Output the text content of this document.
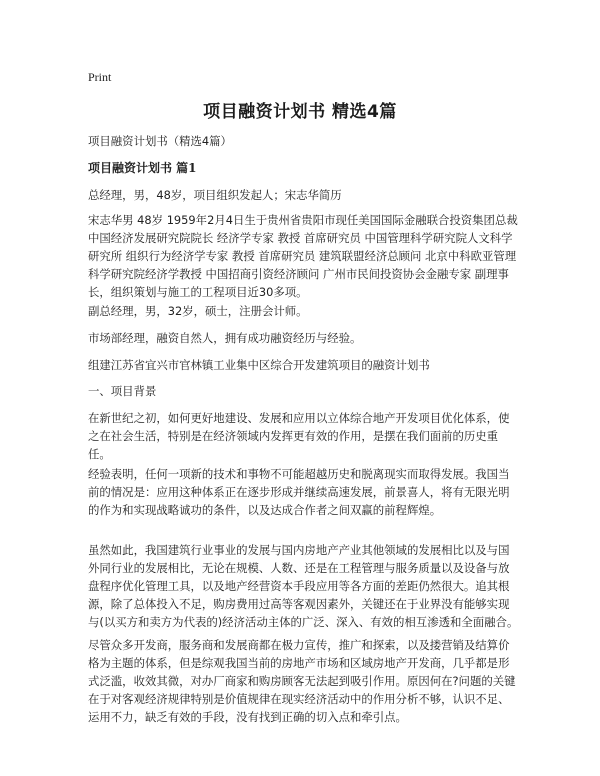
Print
项目融资计划书 精选4篇

项目融资计划书（精选4篇）

项目融资计划书 篇1

总经理，男，48岁，项目组织发起人；宋志华简历

宋志华男 48岁 1959年2月4日生于贵州省贵阳市现任美国国际金融联合投资集团总裁 中国经济发展研究院院长 经济学专家 教授 首席研究员 中国管理科学研究院人文科学研究所 组织行为经济学专家 教授 首席研究员 建筑联盟经济总顾问 北京中科欧亚管理科学研究院经济学教授 中国招商引资经济顾问 广州市民间投资协会金融专家 副理事长，组织策划与施工的工程项目近30多项。

副总经理，男，32岁，硕士，注册会计师。

市场部经理，融资自然人，拥有成功融资经历与经验。

组建江苏省宜兴市官林镇工业集中区综合开发建筑项目的融资计划书

一、项目背景

在新世纪之初，如何更好地建设、发展和应用以立体综合地产开发项目优化体系，使之在社会生活，特别是在经济领域内发挥更有效的作用，是摆在我们面前的历史重任。

经验表明，任何一项新的技术和事物不可能超越历史和脱离现实而取得发展。我国当前的情况是：应用这种体系正在逐步形成并继续高速发展，前景喜人，将有无限光明的作为和实现战略诚功的条件，以及达成合作者之间双赢的前程辉煌。

虽然如此，我国建筑行业事业的发展与国内房地产产业其他领域的发展相比以及与国外同行业的发展相比，无论在规模、人数、还是在工程管理与服务质量以及设备与放盘程序优化管理工具，以及地产经营资本手段应用等各方面的差距仍然很大。追其根源，除了总体投入不足，购房费用过高等客观因素外，关键还在于业界没有能够实现与(以买方和卖方为代表的)经济活动主体的广泛、深入、有效的相互渗透和全面融合。

尽管众多开发商，服务商和发展商都在极力宣传，推广和探索，以及搂营销及结算价格为主题的体系，但是综观我国当前的房地产市场和区域房地产开发商，几乎都是形式泛滥，收效其微，对办厂商家和购房顾客无法起到吸引作用。原因何在?问题的关键在于对客观经济规律特别是价值规律在现实经济活动中的作用分析不够，认识不足、运用不力，缺乏有效的手段，没有找到正确的切入点和牵引点。
